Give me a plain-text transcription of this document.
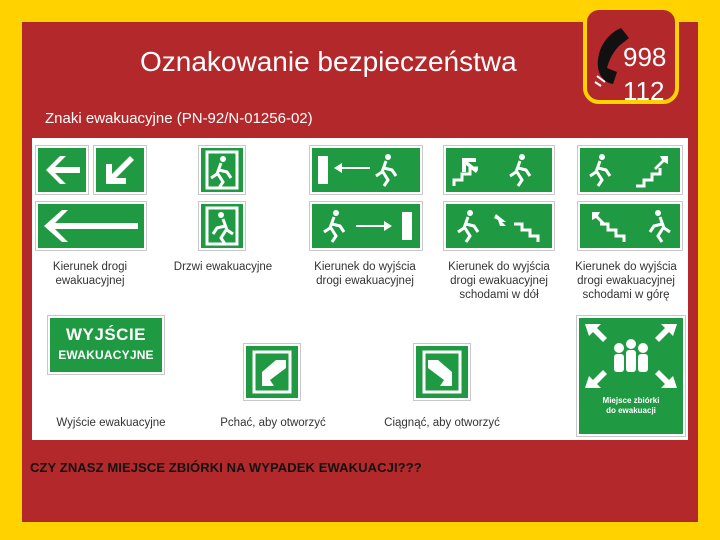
Oznakowanie bezpieczeństwa	998
112
Znaki ewakuacyjne (PN-92/N-01256-02)
Kierunek drogi
ewakuacyjnej
Drzwi ewakuacyjne	Kierunek do wyjścia
drogi ewakuacyjnej
Kierunek do wyjścia
drogi ewakuacyjnej
schodami w dół
Kierunek do wyjścia
drogi ewakuacyjnej
schodami w górę
WYJŚCIE
EWAKUACYJNE
Miejsce zbiórki
do ewakuacji
Wyjście ewakuacyjne	Pchać, aby otworzyć	Ciągnąć, aby otworzyć
CZY ZNASZ MIEJSCE ZBIÓRKI NA WYPADEK EWAKUACJI???
